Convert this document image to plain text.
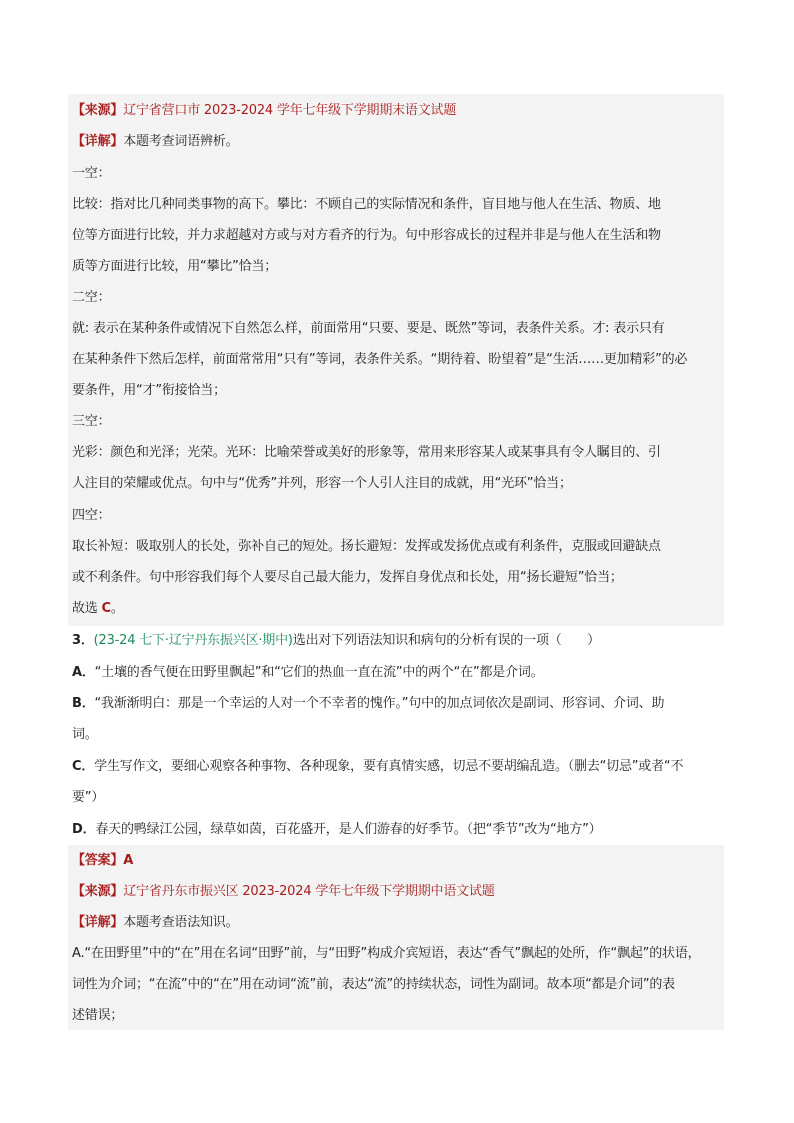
【来源】辽宁省营口市 2023-2024 学年七年级下学期期末语文试题
【详解】本题考查词语辨析。
一空：
比较：指对比几种同类事物的高下。攀比：不顾自己的实际情况和条件，盲目地与他人在生活、物质、地
位等方面进行比较，并力求超越对方或与对方看齐的行为。句中形容成长的过程并非是与他人在生活和物
质等方面进行比较，用“攀比”恰当；
二空：
就: 表示在某种条件或情况下自然怎么样，前面常用“只要、要是、既然”等词，表条件关系。才: 表示只有
在某种条件下然后怎样，前面常常用“只有”等词，表条件关系。“期待着、盼望着”是“生活……更加精彩”的必
要条件，用“才”衔接恰当；
三空：
光彩：颜色和光泽；光荣。光环：比喻荣誉或美好的形象等，常用来形容某人或某事具有令人瞩目的、引
人注目的荣耀或优点。句中与“优秀”并列，形容一个人引人注目的成就，用“光环”恰当；
四空：
取长补短：吸取别人的长处，弥补自己的短处。扬长避短：发挥或发扬优点或有利条件，克服或回避缺点
或不利条件。句中形容我们每个人要尽自己最大能力，发挥自身优点和长处，用“扬长避短”恰当；
故选 C。
3．(23-24 七下·辽宁丹东振兴区·期中)选出对下列语法知识和病句的分析有误的一项（　　）
A．“土壤的香气便在田野里飘起”和“它们的热血一直在流”中的两个“在”都是介词。
B．“我渐渐明白：那是一个幸运的人对一个不幸者的愧作。”句中的加点词依次是副词、形容词、介词、助
词。
C．学生写作文，要细心观察各种事物、各种现象，要有真情实感，切忌不要胡编乱造。（删去“切忌”或者“不
要”）
D．春天的鸭绿江公园，绿草如茵，百花盛开，是人们游春的好季节。（把“季节”改为“地方”）
【答案】A
【来源】辽宁省丹东市振兴区 2023-2024 学年七年级下学期期中语文试题
【详解】本题考查语法知识。
A.“在田野里”中的“在”用在名词“田野”前，与“田野”构成介宾短语，表达“香气”飘起的处所，作“飘起”的状语，
词性为介词；“在流”中的“在”用在动词“流”前，表达“流”的持续状态，词性为副词。故本项“都是介词”的表
述错误；
